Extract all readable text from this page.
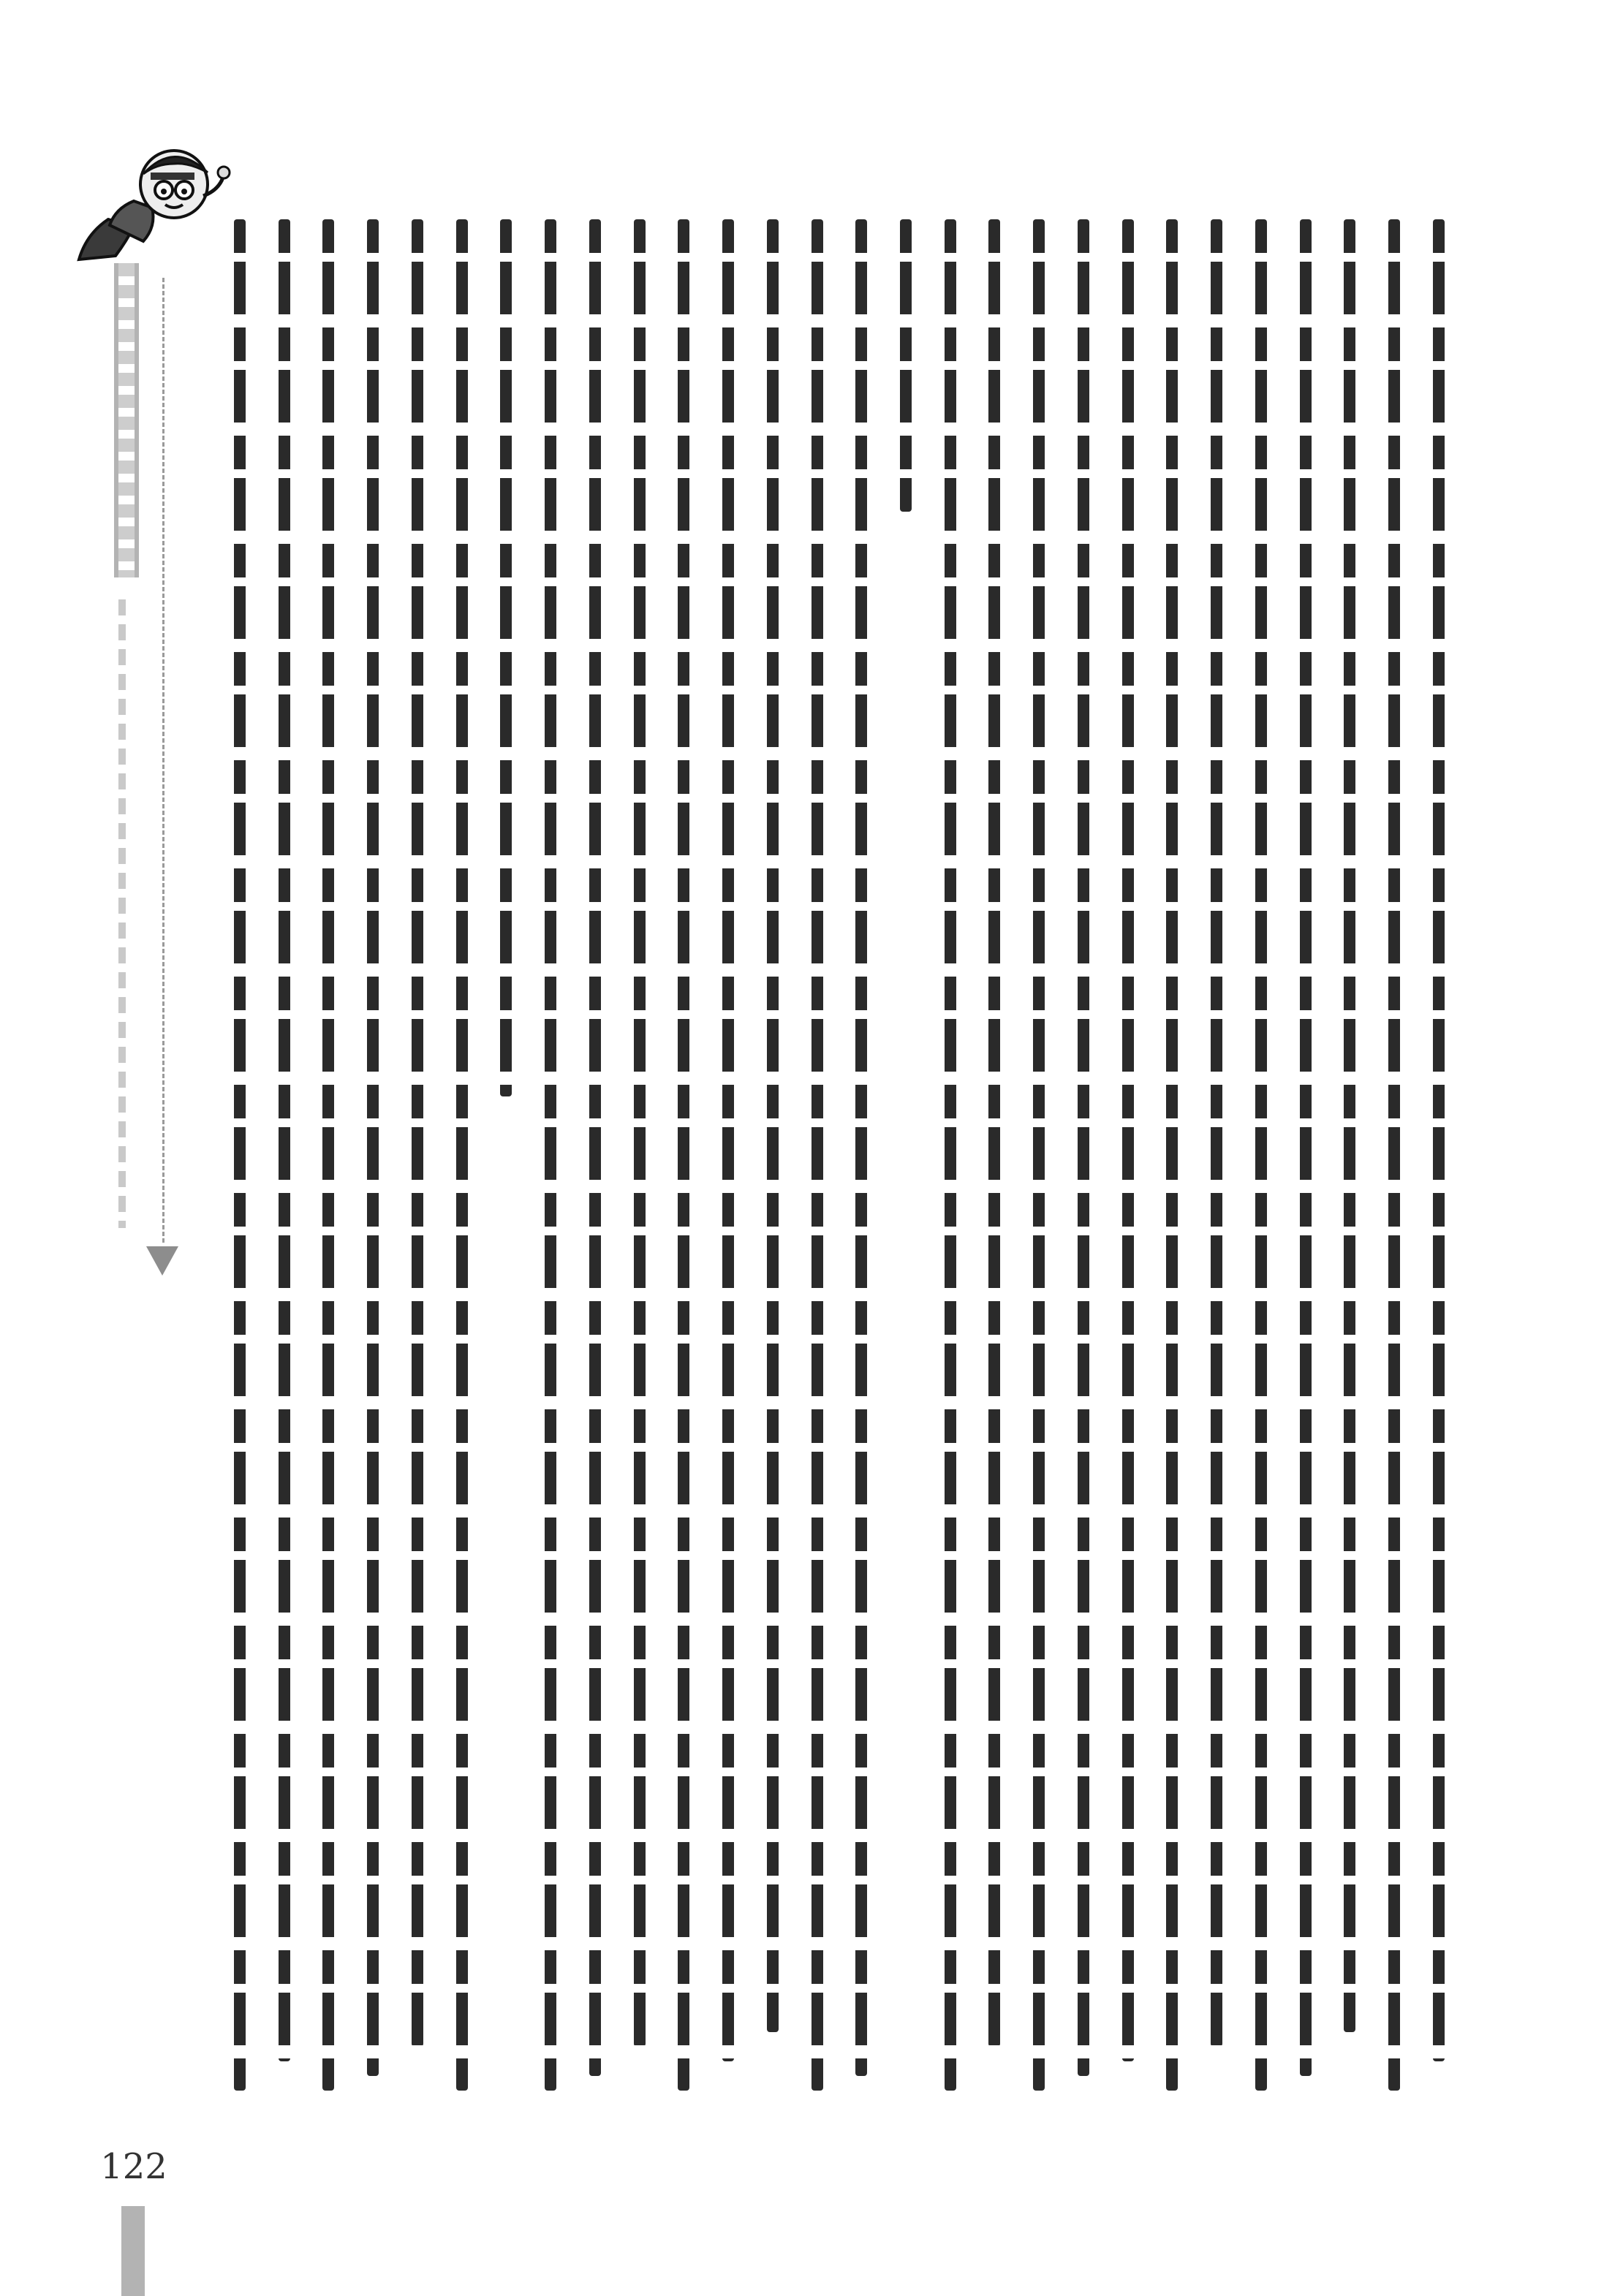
122
